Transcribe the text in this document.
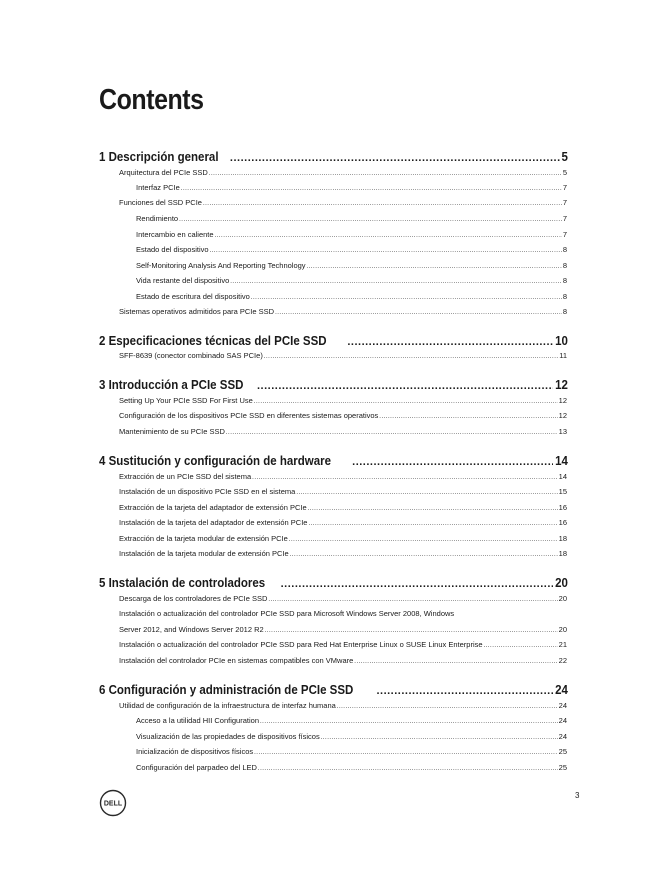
Contents
1 Descripción general .....	5
Arquitectura del PCIe SSD .....	5
Interfaz PCIe .....	7
Funciones del SSD PCIe .....	7
Rendimiento .....	7
Intercambio en caliente .....	7
Estado del dispositivo .....	8
Self-Monitoring Analysis And Reporting Technology .....	8
Vida restante del dispositivo .....	8
Estado de escritura del dispositivo .....	8
Sistemas operativos admitidos para PCIe SSD .....	8
2 Especificaciones técnicas del PCIe SSD .....	10
SFF-8639 (conector combinado SAS PCIe) .....	11
3 Introducción a PCIe SSD .....	12
Setting Up Your PCIe SSD For First Use .....	12
Configuración de los dispositivos PCIe SSD en diferentes sistemas operativos .....	12
Mantenimiento de su PCIe SSD .....	13
4 Sustitución y configuración de hardware .....	14
Extracción de un PCIe SSD del sistema .....	14
Instalación de un dispositivo PCIe SSD en el sistema .....	15
Extracción de la tarjeta del adaptador de extensión PCIe .....	16
Instalación de la tarjeta del adaptador de extensión PCIe .....	16
Extracción de la tarjeta modular de extensión PCIe .....	18
Instalación de la tarjeta modular de extensión PCIe .....	18
5 Instalación de controladores .....	20
Descarga de los controladores de PCIe SSD .....	20
Instalación o actualización del controlador PCIe SSD para Microsoft Windows Server 2008, Windows
Server 2012, and Windows Server 2012 R2 .....	20
Instalación o actualización del controlador PCIe SSD para Red Hat Enterprise Linux o SUSE Linux Enterprise .....	21
Instalación del controlador PCIe en sistemas compatibles con VMware .....	22
6 Configuración y administración de PCIe SSD .....	24
Utilidad de configuración de la infraestructura de interfaz humana .....	24
Acceso a la utilidad HII Configuration .....	24
Visualización de las propiedades de dispositivos físicos .....	24
Inicialización de dispositivos físicos .....	25
Configuración del parpadeo del LED .....	25
DELL

3
